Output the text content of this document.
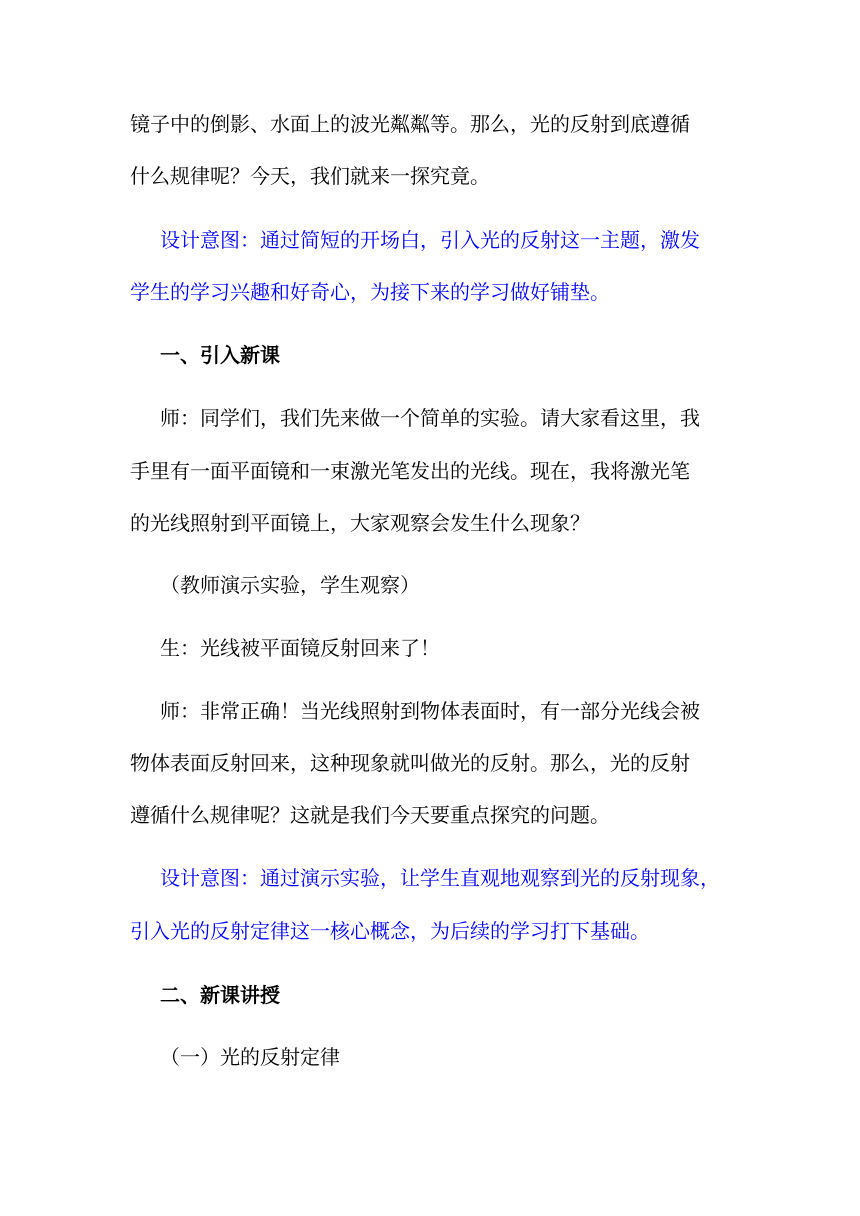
镜子中的倒影、水面上的波光粼粼等。那么，光的反射到底遵循
什么规律呢？今天，我们就来一探究竟。
设计意图：通过简短的开场白，引入光的反射这一主题，激发
学生的学习兴趣和好奇心，为接下来的学习做好铺垫。
一、引入新课
师：同学们，我们先来做一个简单的实验。请大家看这里，我
手里有一面平面镜和一束激光笔发出的光线。现在，我将激光笔
的光线照射到平面镜上，大家观察会发生什么现象？
（教师演示实验，学生观察）
生：光线被平面镜反射回来了！
师：非常正确！当光线照射到物体表面时，有一部分光线会被
物体表面反射回来，这种现象就叫做光的反射。那么，光的反射
遵循什么规律呢？这就是我们今天要重点探究的问题。
设计意图：通过演示实验，让学生直观地观察到光的反射现象，
引入光的反射定律这一核心概念，为后续的学习打下基础。
二、新课讲授
（一）光的反射定律
